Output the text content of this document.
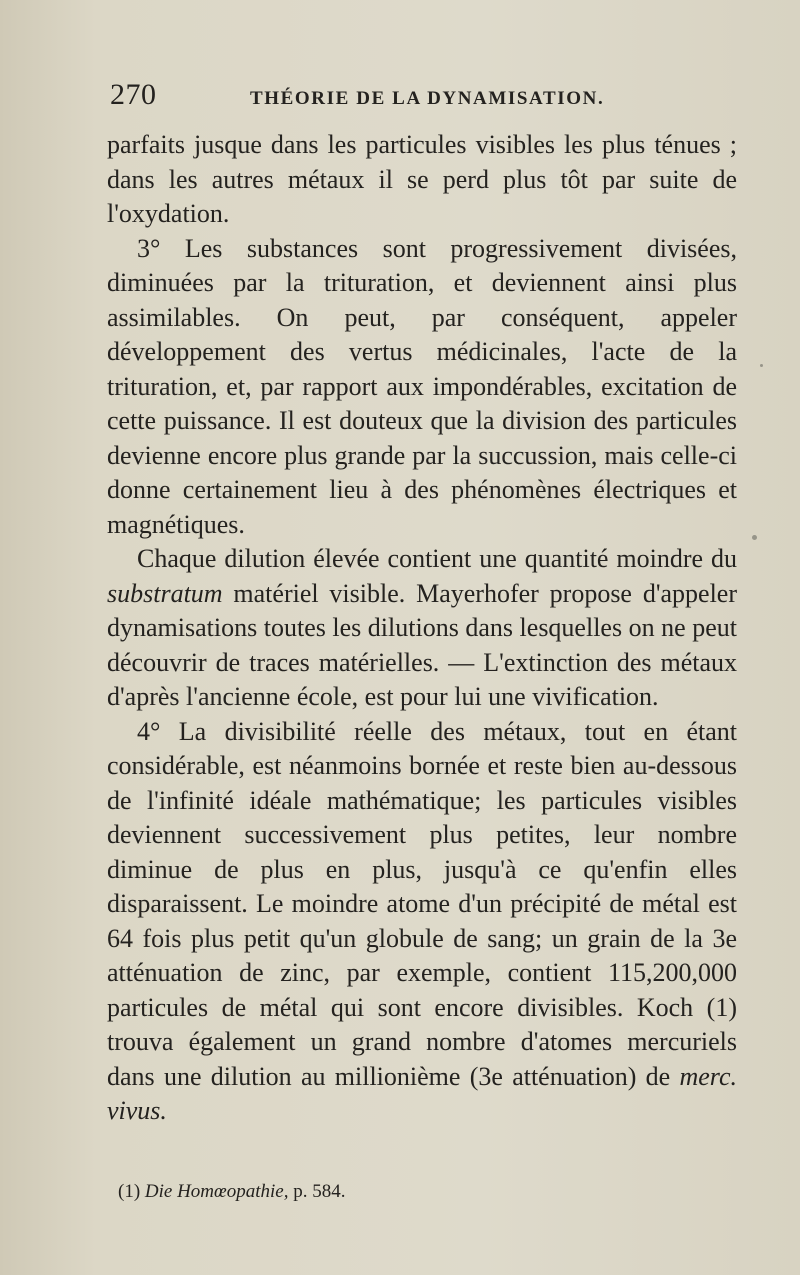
270	THÉORIE DE LA DYNAMISATION.

parfaits jusque dans les particules visibles les plus ténues ; dans les autres métaux il se perd plus tôt par suite de l'oxydation.

3° Les substances sont progressivement divisées, diminuées par la trituration, et deviennent ainsi plus assimilables. On peut, par conséquent, appeler développement des vertus médicinales, l'acte de la trituration, et, par rapport aux impondérables, excitation de cette puissance. Il est douteux que la division des particules devienne encore plus grande par la succussion, mais celle-ci donne certainement lieu à des phénomènes électriques et magnétiques.

Chaque dilution élevée contient une quantité moindre du substratum matériel visible. Mayerhofer propose d'appeler dynamisations toutes les dilutions dans lesquelles on ne peut découvrir de traces matérielles. — L'extinction des métaux d'après l'ancienne école, est pour lui une vivification.

4° La divisibilité réelle des métaux, tout en étant considérable, est néanmoins bornée et reste bien au-dessous de l'infinité idéale mathématique; les particules visibles deviennent successivement plus petites, leur nombre diminue de plus en plus, jusqu'à ce qu'enfin elles disparaissent. Le moindre atome d'un précipité de métal est 64 fois plus petit qu'un globule de sang; un grain de la 3e atténuation de zinc, par exemple, contient 115,200,000 particules de métal qui sont encore divisibles. Koch (1) trouva également un grand nombre d'atomes mercuriels dans une dilution au millionième (3e atténuation) de merc. vivus.

(1) Die Homœopathie, p. 584.
